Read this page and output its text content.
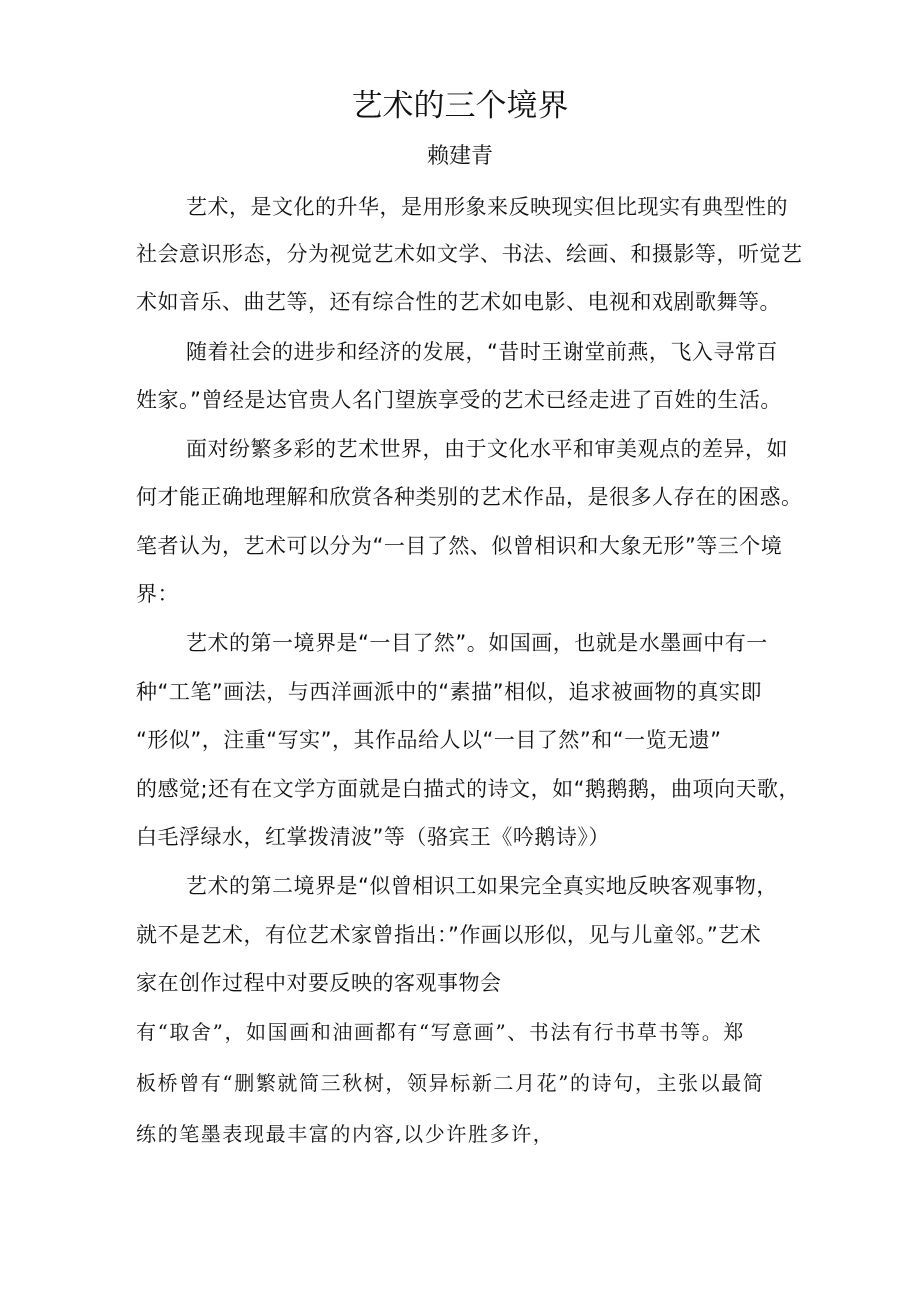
艺术的三个境界
赖建青
艺术，是文化的升华，是用形象来反映现实但比现实有典型性的
社会意识形态，分为视觉艺术如文学、书法、绘画、和摄影等，听觉艺
术如音乐、曲艺等，还有综合性的艺术如电影、电视和戏剧歌舞等。
随着社会的进步和经济的发展，“昔时王谢堂前燕，飞入寻常百
姓家。”曾经是达官贵人名门望族享受的艺术已经走进了百姓的生活。
面对纷繁多彩的艺术世界，由于文化水平和审美观点的差异，如
何才能正确地理解和欣赏各种类别的艺术作品，是很多人存在的困惑。
笔者认为，艺术可以分为“一目了然、似曾相识和大象无形”等三个境
界：
艺术的第一境界是“一目了然”。如国画，也就是水墨画中有一
种“工笔”画法，与西洋画派中的“素描”相似，追求被画物的真实即
“形似”，注重“写实”，其作品给人以“一目了然”和“一览无遗”
的感觉;还有在文学方面就是白描式的诗文，如“鹅鹅鹅，曲项向天歌，
白毛浮绿水，红掌拨清波”等（骆宾王《吟鹅诗》）
艺术的第二境界是“似曾相识工如果完全真实地反映客观事物，
就不是艺术，有位艺术家曾指出：”作画以形似，见与儿童邻。”艺术
家在创作过程中对要反映的客观事物会
有“取舍”，如国画和油画都有“写意画”、书法有行书草书等。郑
板桥曾有“删繁就简三秋树，领异标新二月花”的诗句，主张以最简
练的笔墨表现最丰富的内容,以少许胜多许，
